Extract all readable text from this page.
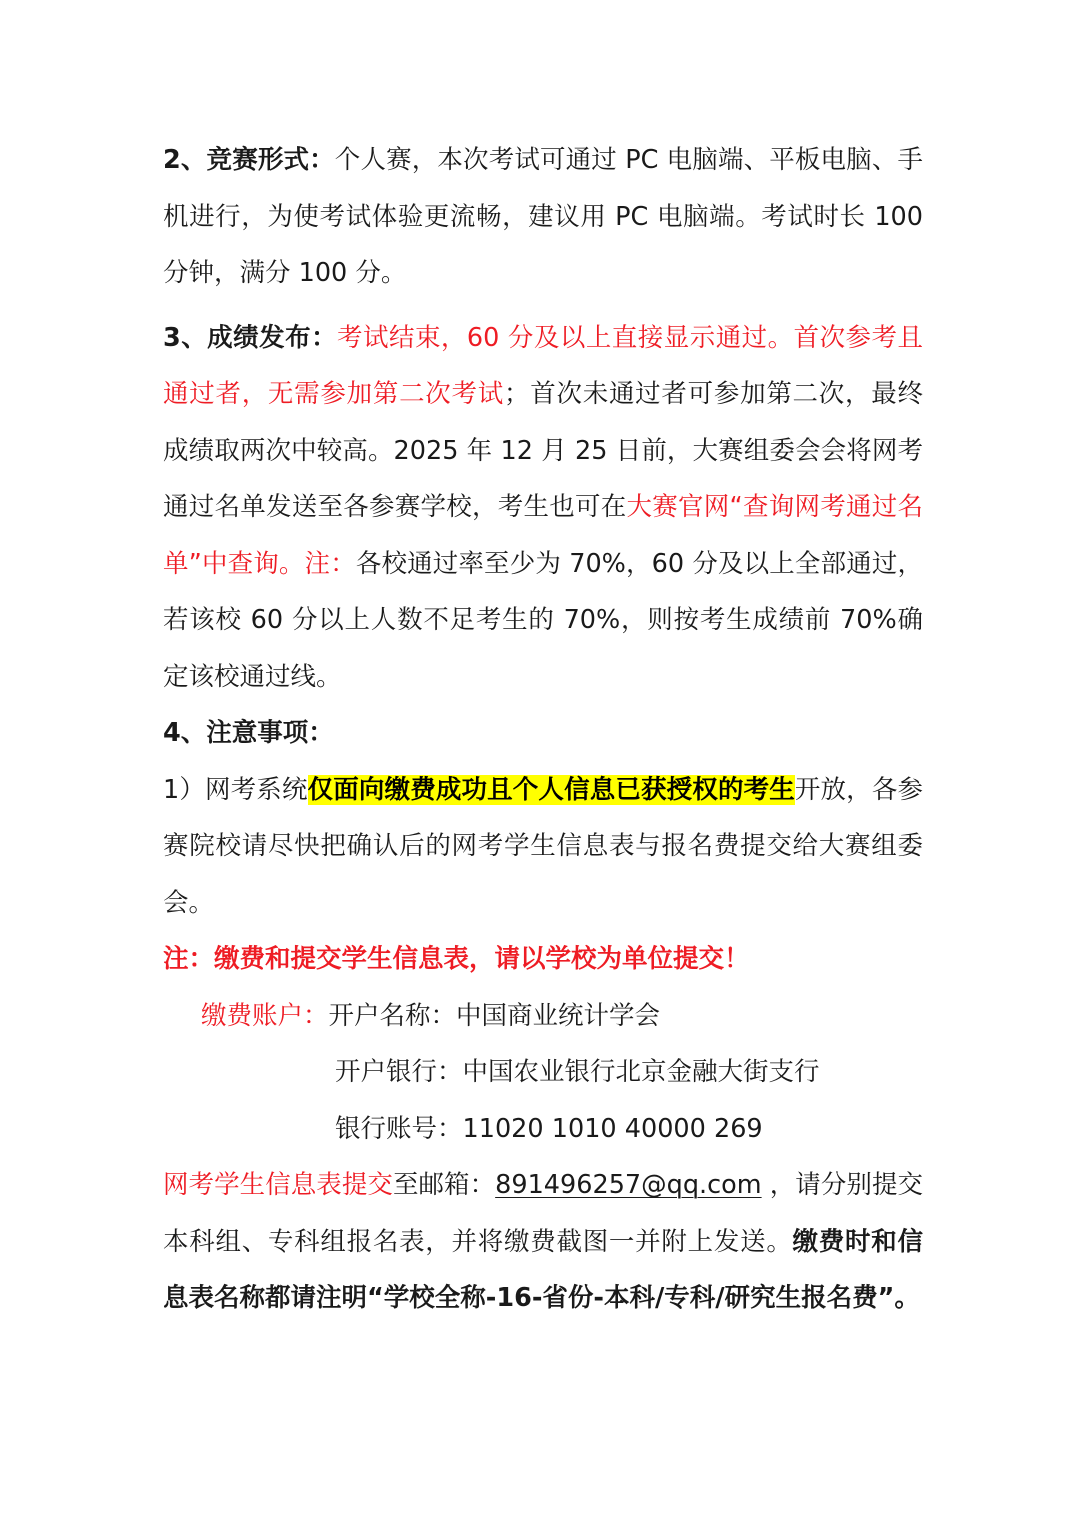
2、竞赛形式：个人赛，本次考试可通过 PC 电脑端、平板电脑、手机进行，为使考试体验更流畅，建议用 PC 电脑端。考试时长 100 分钟，满分 100 分。

3、成绩发布：考试结束，60 分及以上直接显示通过。首次参考且通过者，无需参加第二次考试；首次未通过者可参加第二次，最终成绩取两次中较高。2025 年 12 月 25 日前，大赛组委会会将网考通过名单发送至各参赛学校，考生也可在大赛官网“查询网考通过名单”中查询。注：各校通过率至少为 70%，60 分及以上全部通过，若该校 60 分以上人数不足考生的 70%，则按考生成绩前 70%确定该校通过线。

4、注意事项：

1）网考系统仅面向缴费成功且个人信息已获授权的考生开放，各参赛院校请尽快把确认后的网考学生信息表与报名费提交给大赛组委会。

注：缴费和提交学生信息表，请以学校为单位提交！

缴费账户：开户名称：中国商业统计学会

开户银行：中国农业银行北京金融大街支行

银行账号：11020 1010 40000 269

网考学生信息表提交至邮箱：891496257@qq.com ，请分别提交本科组、专科组报名表，并将缴费截图一并附上发送。缴费时和信息表名称都请注明“学校全称-16-省份-本科/专科/研究生报名费”。
